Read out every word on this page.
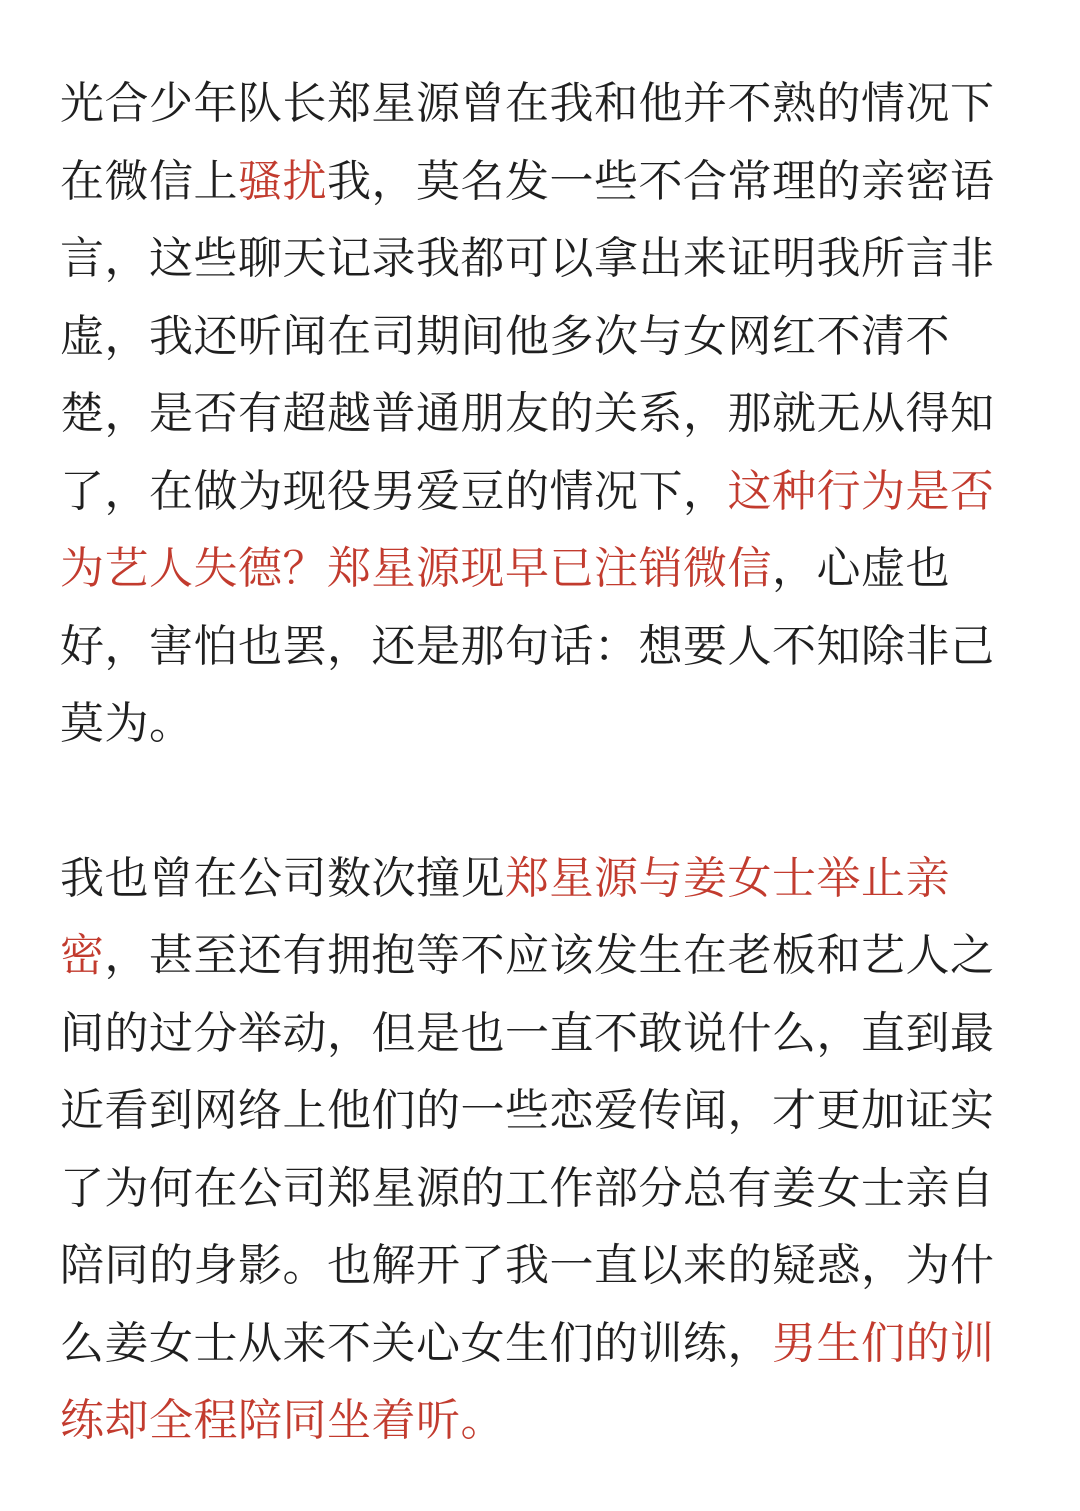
光合少年队长郑星源曾在我和他并不熟的情况下在微信上骚扰我，莫名发一些不合常理的亲密语言，这些聊天记录我都可以拿出来证明我所言非虚，我还听闻在司期间他多次与女网红不清不楚，是否有超越普通朋友的关系，那就无从得知了，在做为现役男爱豆的情况下，这种行为是否为艺人失德？郑星源现早已注销微信，心虚也好，害怕也罢，还是那句话：想要人不知除非己莫为。

我也曾在公司数次撞见郑星源与姜女士举止亲密，甚至还有拥抱等不应该发生在老板和艺人之间的过分举动，但是也一直不敢说什么，直到最近看到网络上他们的一些恋爱传闻，才更加证实了为何在公司郑星源的工作部分总有姜女士亲自陪同的身影。也解开了我一直以来的疑惑，为什么姜女士从来不关心女生们的训练，男生们的训练却全程陪同坐着听。
